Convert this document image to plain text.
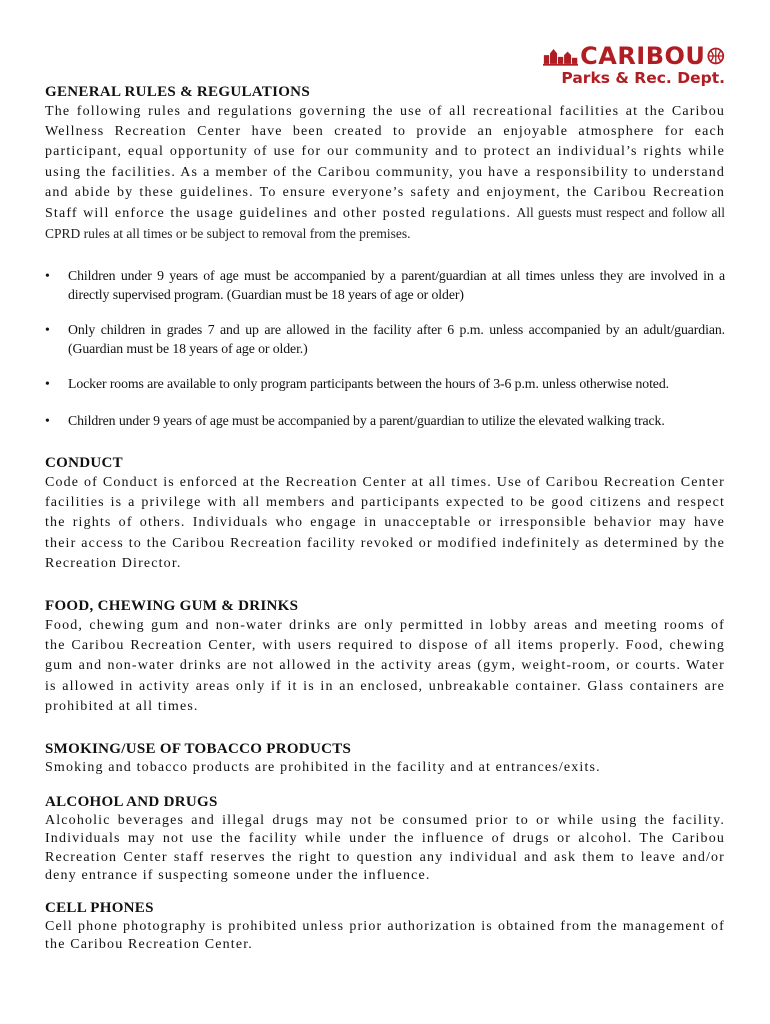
CARIBOU
Parks & Rec. Dept.
GENERAL RULES & REGULATIONS

The following rules and regulations governing the use of all recreational facilities at the Caribou Wellness Recreation Center have been created to provide an enjoyable atmosphere for each participant, equal opportunity of use for our community and to protect an individual’s rights while using the facilities. As a member of the Caribou community, you have a responsibility to understand and abide by these guidelines. To ensure everyone’s safety and enjoyment, the Caribou Recreation Staff will enforce the usage guidelines and other posted regulations. All guests must respect and follow all CPRD rules at all times or be subject to removal from the premises.

• Children under 9 years of age must be accompanied by a parent/guardian at all times unless they are involved in a directly supervised program. (Guardian must be 18 years of age or older)
• Only children in grades 7 and up are allowed in the facility after 6 p.m. unless accompanied by an adult/guardian. (Guardian must be 18 years of age or older.)
• Locker rooms are available to only program participants between the hours of 3-6 p.m. unless otherwise noted.
• Children under 9 years of age must be accompanied by a parent/guardian to utilize the elevated walking track.
CONDUCT

Code of Conduct is enforced at the Recreation Center at all times. Use of Caribou Recreation Center facilities is a privilege with all members and participants expected to be good citizens and respect the rights of others. Individuals who engage in unacceptable or irresponsible behavior may have their access to the Caribou Recreation facility revoked or modified indefinitely as determined by the Recreation Director.

FOOD, CHEWING GUM & DRINKS

Food, chewing gum and non-water drinks are only permitted in lobby areas and meeting rooms of the Caribou Recreation Center, with users required to dispose of all items properly. Food, chewing gum and non-water drinks are not allowed in the activity areas (gym, weight-room, or courts. Water is allowed in activity areas only if it is in an enclosed, unbreakable container. Glass containers are prohibited at all times.

SMOKING/USE OF TOBACCO PRODUCTS

Smoking and tobacco products are prohibited in the facility and at entrances/exits.

ALCOHOL AND DRUGS

Alcoholic beverages and illegal drugs may not be consumed prior to or while using the facility. Individuals may not use the facility while under the influence of drugs or alcohol. The Caribou Recreation Center staff reserves the right to question any individual and ask them to leave and/or deny entrance if suspecting someone under the influence.

CELL PHONES

Cell phone photography is prohibited unless prior authorization is obtained from the management of the Caribou Recreation Center.
